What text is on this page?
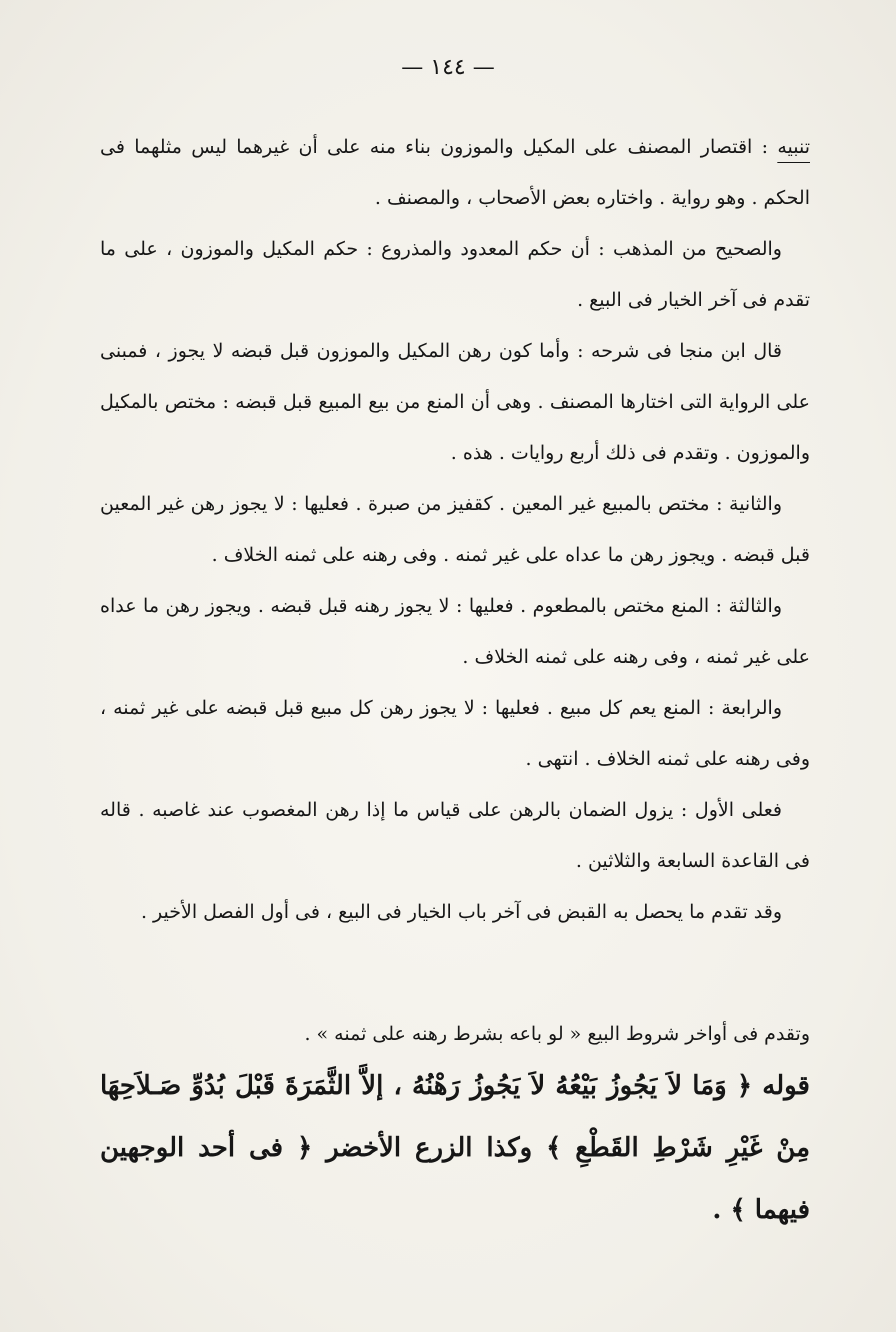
— ١٤٤ —

تنبيه : اقتصار المصنف على المكيل والموزون بناء منه على أن غيرهما ليس مثلهما فى الحكم . وهو رواية . واختاره بعض الأصحاب ، والمصنف .

والصحيح من المذهب : أن حكم المعدود والمذروع : حكم المكيل والموزون ، على ما تقدم فى آخر الخيار فى البيع .

قال ابن منجا فى شرحه : وأما كون رهن المكيل والموزون قبل قبضه لا يجوز ، فمبنى على الرواية التى اختارها المصنف . وهى أن المنع من بيع المبيع قبل قبضه : مختص بالمكيل والموزون . وتقدم فى ذلك أربع روايات . هذه .

والثانية : مختص بالمبيع غير المعين . كقفيز من صبرة . فعليها : لا يجوز رهن غير المعين قبل قبضه . ويجوز رهن ما عداه على غير ثمنه . وفى رهنه على ثمنه الخلاف .

والثالثة : المنع مختص بالمطعوم . فعليها : لا يجوز رهنه قبل قبضه . ويجوز رهن ما عداه على غير ثمنه ، وفى رهنه على ثمنه الخلاف .

والرابعة : المنع يعم كل مبيع . فعليها : لا يجوز رهن كل مبيع قبل قبضه على غير ثمنه ، وفى رهنه على ثمنه الخلاف . انتهى .

فعلى الأول : يزول الضمان بالرهن على قياس ما إذا رهن المغصوب عند غاصبه . قاله فى القاعدة السابعة والثلاثين .

وقد تقدم ما يحصل به القبض فى آخر باب الخيار فى البيع ، فى أول الفصل الأخير .

وتقدم فى أواخر شروط البيع « لو باعه بشرط رهنه على ثمنه » .

قوله ﴿ وَمَا لاَ يَجُوزُ بَيْعُهُ لاَ يَجُوزُ رَهْنُهُ ، إلاَّ الثَّمَرَةَ قَبْلَ بُدُوِّ صَـلاَحِهَا مِنْ غَيْرِ شَرْطِ القَطْعِ ﴾ وكذا الزرع الأخضر ﴿ فى أحد الوجهين فيهما ﴾ .
